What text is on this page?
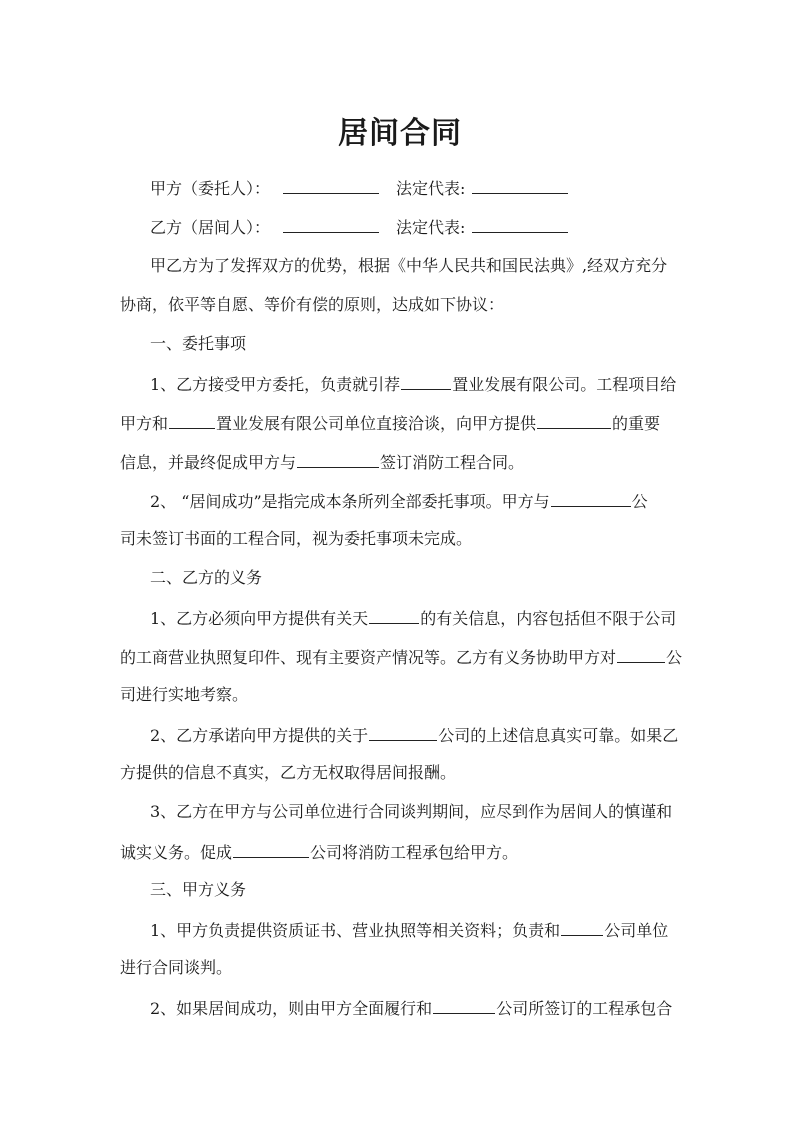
居间合同
甲方（委托人）：	法定代表:
乙方（居间人）：	法定代表:
甲乙方为了发挥双方的优势，根据《中华人民共和国民法典》,经双方充分
协商，依平等自愿、等价有偿的原则，达成如下协议：
一、委托事项
1、乙方接受甲方委托，负责就引荐	置业发展有限公司。工程项目给
甲方和	置业发展有限公司单位直接洽谈，向甲方提供	的重要
信息，并最终促成甲方与	签订消防工程合同。
2、 “居间成功”是指完成本条所列全部委托事项。甲方与	公
司未签订书面的工程合同，视为委托事项未完成。
二、乙方的义务
1、乙方必须向甲方提供有关天	的有关信息，内容包括但不限于公司
的工商营业执照复印件、现有主要资产情况等。乙方有义务协助甲方对	公
司进行实地考察。
2、乙方承诺向甲方提供的关于	公司的上述信息真实可靠。如果乙
方提供的信息不真实，乙方无权取得居间报酬。
3、乙方在甲方与公司单位进行合同谈判期间，应尽到作为居间人的慎谨和
诚实义务。促成	公司将消防工程承包给甲方。
三、甲方义务
1、甲方负责提供资质证书、营业执照等相关资料；负责和	公司单位
进行合同谈判。
2、如果居间成功，则由甲方全面履行和	公司所签订的工程承包合
